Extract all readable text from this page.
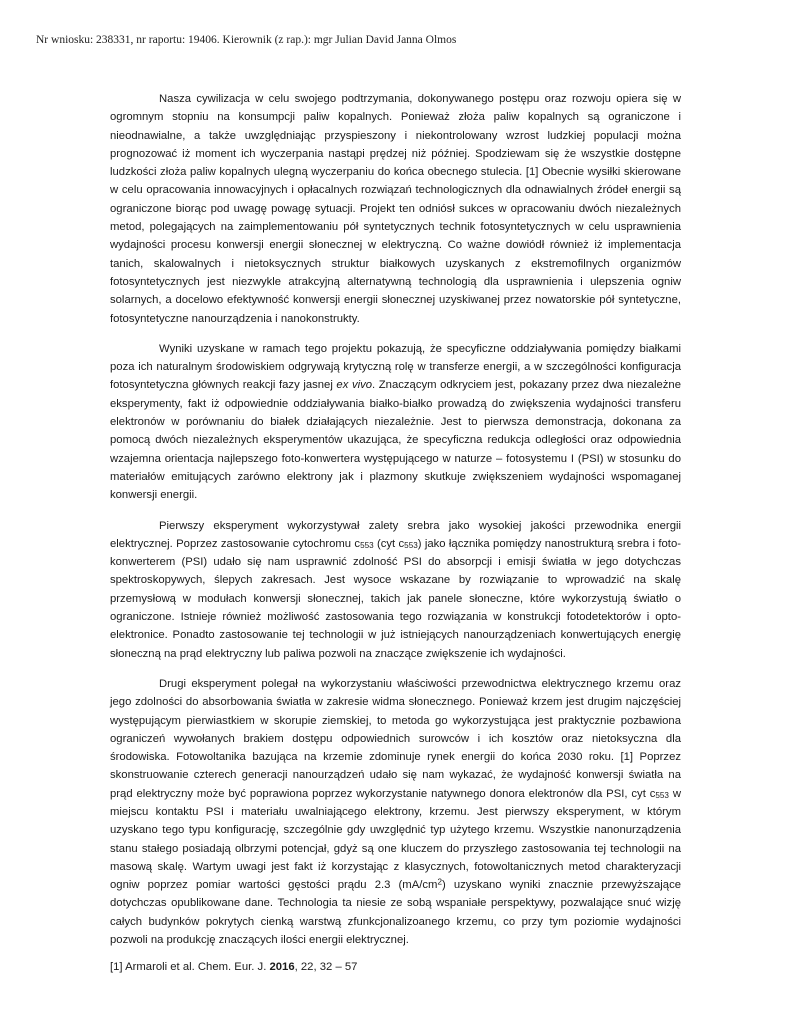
Nr wniosku: 238331, nr raportu: 19406. Kierownik (z rap.): mgr Julian David Janna Olmos

Nasza cywilizacja w celu swojego podtrzymania, dokonywanego postępu oraz rozwoju opiera się w ogromnym stopniu na konsumpcji paliw kopalnych. Ponieważ złoża paliw kopalnych są ograniczone i nieodnawialne, a także uwzględniając przyspieszony i niekontrolowany wzrost ludzkiej populacji można prognozować iż moment ich wyczerpania nastąpi prędzej niż później. Spodziewam się że wszystkie dostępne ludzkości złoża paliw kopalnych ulegną wyczerpaniu do końca obecnego stulecia. [1] Obecnie wysiłki skierowane w celu opracowania innowacyjnych i opłacalnych rozwiązań technologicznych dla odnawialnych źródeł energii są ograniczone biorąc pod uwagę powagę sytuacji. Projekt ten odniósł sukces w opracowaniu dwóch niezależnych metod, polegających na zaimplementowaniu pół syntetycznych technik fotosyntetycznych w celu usprawnienia wydajności procesu konwersji energii słonecznej w elektryczną. Co ważne dowiódł również iż implementacja tanich, skalowalnych i nietoksycznych struktur białkowych uzyskanych z ekstremofilnych organizmów fotosyntetycznych jest niezwykle atrakcyjną alternatywną technologią dla usprawnienia i ulepszenia ogniw solarnych, a docelowo efektywność konwersji energii słonecznej uzyskiwanej przez nowatorskie pół syntetyczne, fotosyntetyczne nanourządzenia i nanokonstrukty.

Wyniki uzyskane w ramach tego projektu pokazują, że specyficzne oddziaływania pomiędzy białkami poza ich naturalnym środowiskiem odgrywają krytyczną rolę w transferze energii, a w szczególności konfiguracja fotosyntetyczna głównych reakcji fazy jasnej ex vivo. Znaczącym odkryciem jest, pokazany przez dwa niezależne eksperymenty, fakt iż odpowiednie oddziaływania białko-białko prowadzą do zwiększenia wydajności transferu elektronów w porównaniu do białek działających niezależnie. Jest to pierwsza demonstracja, dokonana za pomocą dwóch niezależnych eksperymentów ukazująca, że specyficzna redukcja odległości oraz odpowiednia wzajemna orientacja najlepszego foto-konwertera występującego w naturze – fotosystemu I (PSI) w stosunku do materiałów emitujących zarówno elektrony jak i plazmony skutkuje zwiększeniem wydajności wspomaganej konwersji energii.

Pierwszy eksperyment wykorzystywał zalety srebra jako wysokiej jakości przewodnika energii elektrycznej. Poprzez zastosowanie cytochromu $c_{553}$ (cyt $c_{553}$) jako łącznika pomiędzy nanostrukturą srebra i foto-konwerterem (PSI) udało się nam usprawnić zdolność PSI do absorpcji i emisji światła w jego dotychczas spektroskopywych, ślepych zakresach. Jest wysoce wskazane by rozwiązanie to wprowadzić na skalę przemysłową w modułach konwersji słonecznej, takich jak panele słoneczne, które wykorzystują światło o ograniczone. Istnieje również możliwość zastosowania tego rozwiązania w konstrukcji fotodetektorów i opto-elektronice. Ponadto zastosowanie tej technologii w już istniejących nanourządzeniach konwertujących energię słoneczną na prąd elektryczny lub paliwa pozwoli na znaczące zwiększenie ich wydajności.

Drugi eksperyment polegał na wykorzystaniu właściwości przewodnictwa elektrycznego krzemu oraz jego zdolności do absorbowania światła w zakresie widma słonecznego. Ponieważ krzem jest drugim najczęściej występującym pierwiastkiem w skorupie ziemskiej, to metoda go wykorzystująca jest praktycznie pozbawiona ograniczeń wywołanych brakiem dostępu odpowiednich surowców i ich kosztów oraz nietoksyczna dla środowiska. Fotowoltanika bazująca na krzemie zdominuje rynek energii do końca 2030 roku. [1] Poprzez skonstruowanie czterech generacji nanourządzeń udało się nam wykazać, że wydajność konwersji światła na prąd elektryczny może być poprawiona poprzez wykorzystanie natywnego donora elektronów dla PSI, cyt $c_{553}$ w miejscu kontaktu PSI i materiału uwalniającego elektrony, krzemu. Jest pierwszy eksperyment, w którym uzyskano tego typu konfigurację, szczególnie gdy uwzględnić typ użytego krzemu. Wszystkie nanonurządzenia stanu stałego posiadają olbrzymi potencjał, gdyż są one kluczem do przyszłego zastosowania tej technologii na masową skalę. Wartym uwagi jest fakt iż korzystając z klasycznych, fotowoltanicznych metod charakteryzacji ogniw poprzez pomiar wartości gęstości prądu 2.3 $(mA/cm^2)$ uzyskano wyniki znacznie przewyższające dotychczas opublikowane dane. Technologia ta niesie ze sobą wspaniałe perspektywy, pozwalające snuć wizję całych budynków pokrytych cienką warstwą zfunkcjonalizoanego krzemu, co przy tym poziomie wydajności pozwoli na produkcję znaczących ilości energii elektrycznej.

[1] Armaroli et al. Chem. Eur. J. 2016, 22, 32 – 57
